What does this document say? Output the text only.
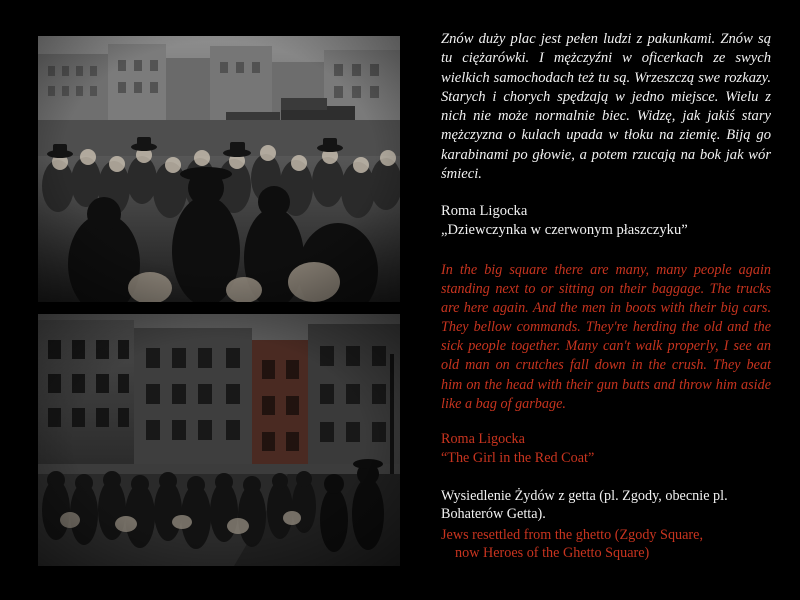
Znów duży plac jest pełen ludzi z pakunkami. Znów są tu ciężarówki. I mężczyźni w oficerkach ze swych wielkich samochodach też tu są. Wrzeszczą swe rozkazy. Starych i chorych spędzają w jedno miejsce. Wielu z nich nie może normalnie biec. Widzę, jak jakiś stary mężczyzna o kulach upada w tłoku na ziemię. Biją go karabinami po głowie, a potem rzucają na bok jak wór śmieci.

Roma Ligocka
„Dziewczynka w czerwonym płaszczyku”

In the big square there are many, many people again standing next to or sitting on their baggage. The trucks are here again. And the men in boots with their big cars. They bellow commands. They're herding the old and the sick people together. Many can't walk properly, I see an old man on crutches fall down in the crush. They beat him on the head with their gun butts and throw him aside like a bag of garbage.

Roma Ligocka
“The Girl in the Red Coat”

Wysiedlenie Żydów z getta (pl. Zgody, obecnie pl. Bohaterów Getta).

Jews resettled from the ghetto (Zgody Square,
now Heroes of the Ghetto Square)
